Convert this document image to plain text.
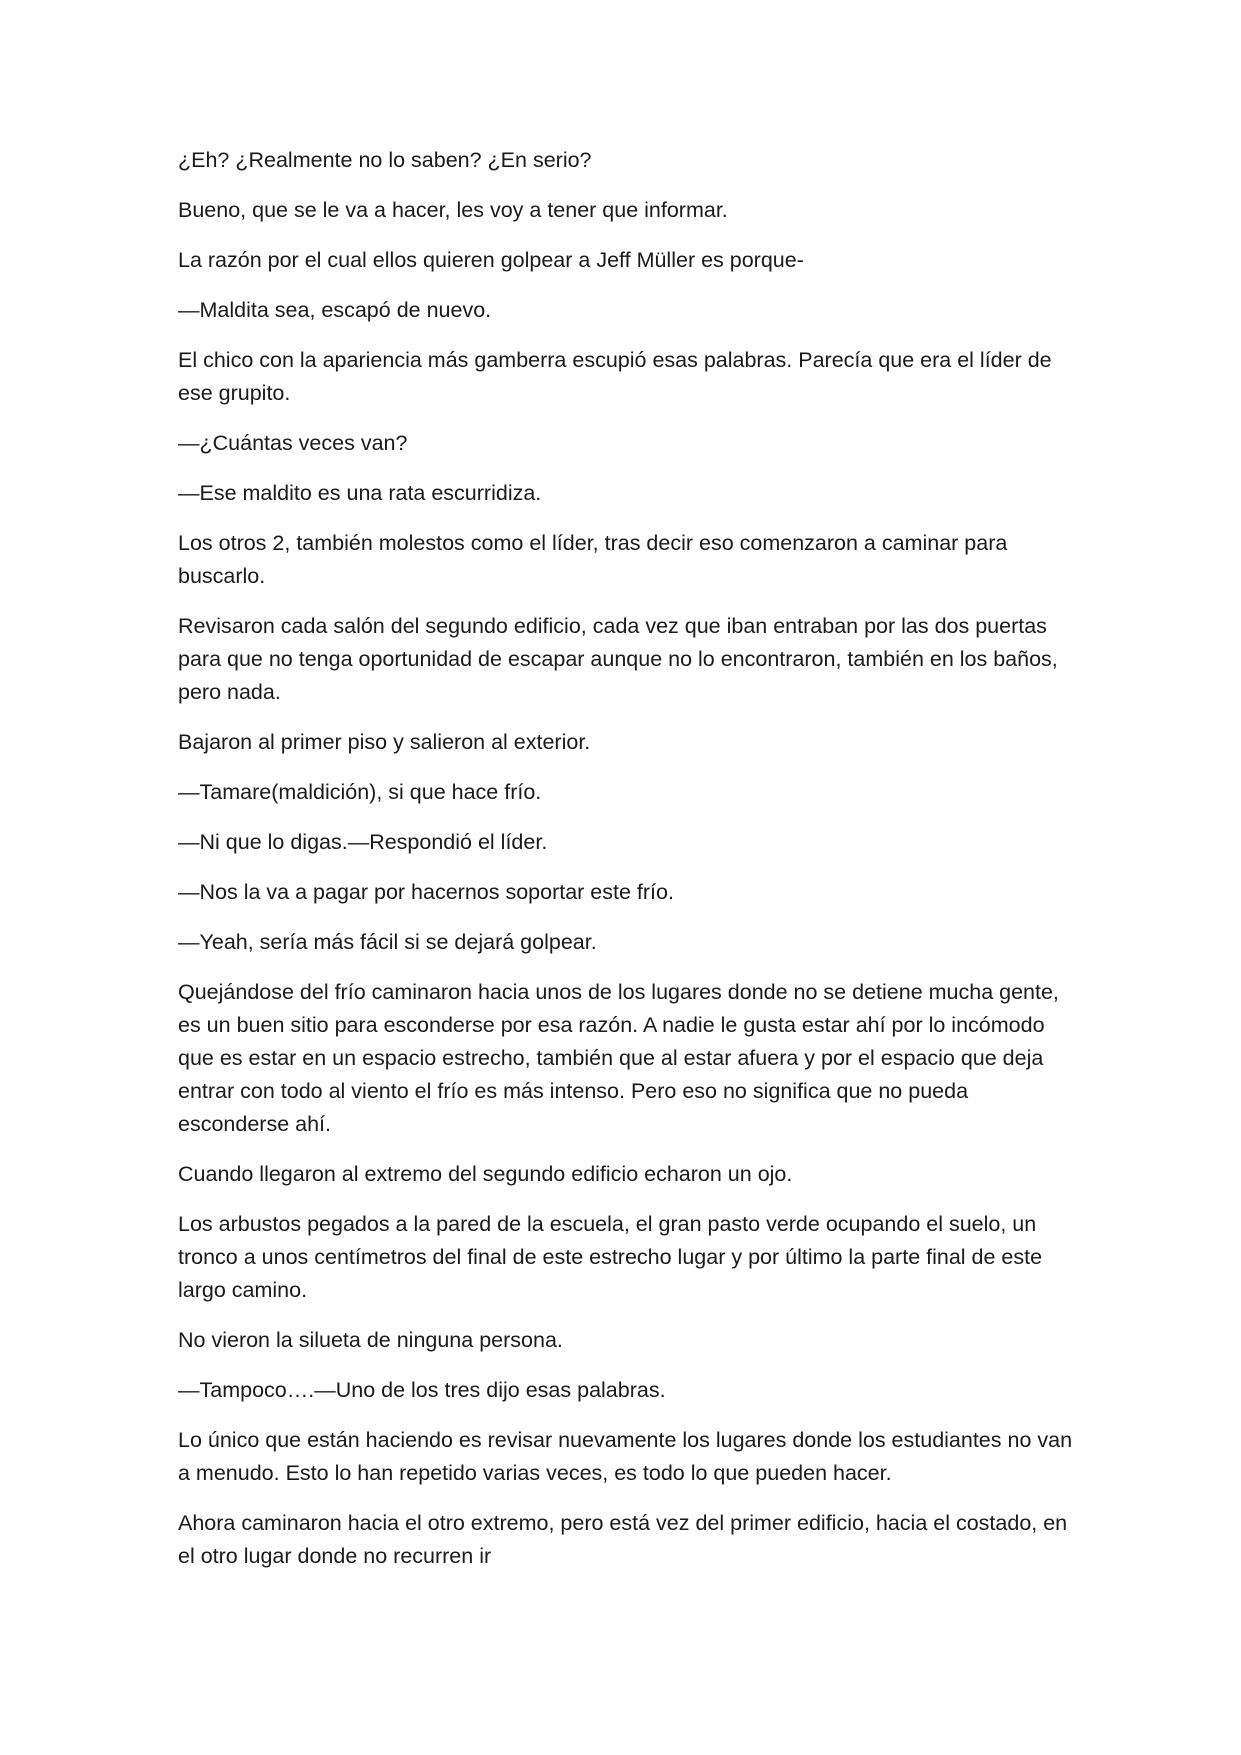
¿Eh? ¿Realmente no lo saben? ¿En serio?

Bueno, que se le va a hacer, les voy a tener que informar.

La razón por el cual ellos quieren golpear a Jeff Müller es porque-

—Maldita sea, escapó de nuevo.

El chico con la apariencia más gamberra escupió esas palabras. Parecía que era el líder de ese grupito.

—¿Cuántas veces van?

—Ese maldito es una rata escurridiza.

Los otros 2, también molestos como el líder, tras decir eso comenzaron a caminar para buscarlo.

Revisaron cada salón del segundo edificio, cada vez que iban entraban por las dos puertas para que no tenga oportunidad de escapar aunque no lo encontraron, también en los baños, pero nada.

Bajaron al primer piso y salieron al exterior.

—Tamare(maldición), si que hace frío.

—Ni que lo digas.—Respondió el líder.

—Nos la va a pagar por hacernos soportar este frío.

—Yeah, sería más fácil si se dejará golpear.

Quejándose del frío caminaron hacia unos de los lugares donde no se detiene mucha gente, es un buen sitio para esconderse por esa razón. A nadie le gusta estar ahí por lo incómodo que es estar en un espacio estrecho, también que al estar afuera y por el espacio que deja entrar con todo al viento el frío es más intenso. Pero eso no significa que no pueda esconderse ahí.

Cuando llegaron al extremo del segundo edificio echaron un ojo.

Los arbustos pegados a la pared de la escuela, el gran pasto verde ocupando el suelo, un tronco a unos centímetros del final de este estrecho lugar y por último la parte final de este largo camino.

No vieron la silueta de ninguna persona.

—Tampoco….—Uno de los tres dijo esas palabras.

Lo único que están haciendo es revisar nuevamente los lugares donde los estudiantes no van a menudo. Esto lo han repetido varias veces, es todo lo que pueden hacer.

Ahora caminaron hacia el otro extremo, pero está vez del primer edificio, hacia el costado, en el otro lugar donde no recurren ir
